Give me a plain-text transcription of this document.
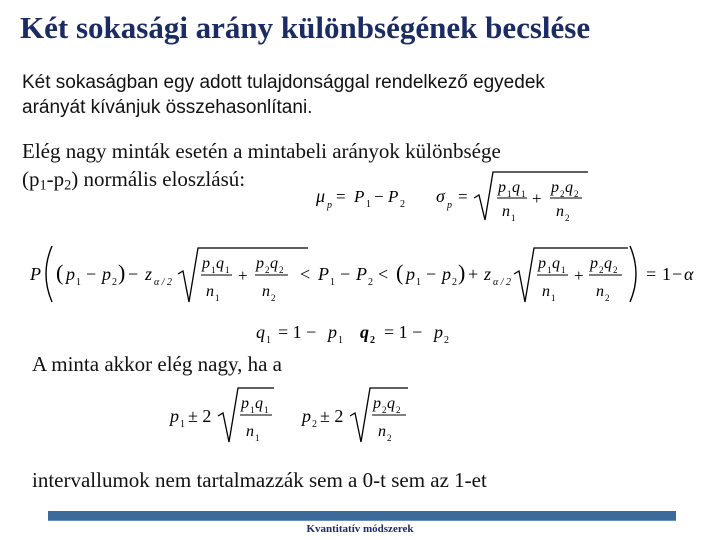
Két sokasági arány különbségének becslése
Két sokaságban egy adott tulajdonsággal rendelkező egyedek
arányát kívánjuk összehasonlítani.
Elég nagy minták esetén a mintabeli arányok különbsége
$(p_1-p_2)$ normális eloszlású:
μ p = P 1 − P 2 σ p = p 1 q 1
n 1
+
p 2 q 2
n 2
P ( p 1 − p 2 ) − z α / 2
p 1 q 1
n 1
+
p 2 q 2
n 2
< P 1 − P 2 < ( p 1 − p 2 ) + z α / 2
p 1 q 1
n 1
+
p 2 q 2
n 2
= 1 − α
q 1 = 1 − p 1 q 2 = 1 − p 2
A minta akkor elég nagy, ha a
p 1 ± 2
p 1 q 1
n 1
p 2 ± 2
p 2 q 2
n 2
intervallumok nem tartalmazzák sem a 0-t sem az 1-et
Kvantitatív módszerek
